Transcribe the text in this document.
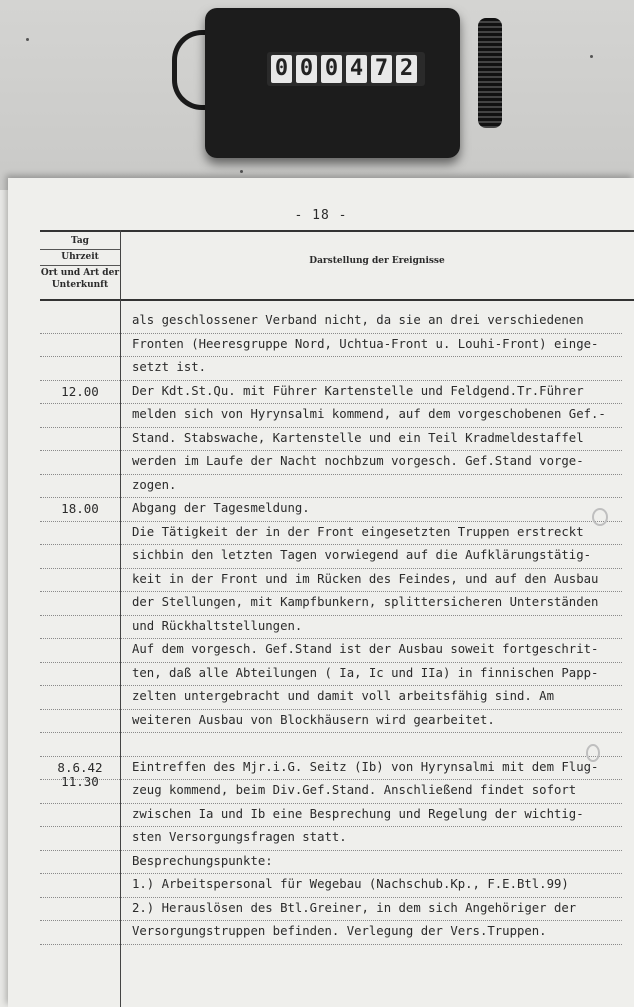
0 0 0 4 7 2
- 18 -
Tag
Uhrzeit
Ort und Art der Unterkunft
Darstellung der Ereignisse
als geschlossener Verband nicht, da sie an drei verschiedenen
Fronten (Heeresgruppe Nord, Uchtua-Front u. Louhi-Front) einge-
setzt ist.
Der Kdt.St.Qu. mit Führer Kartenstelle und Feldgend.Tr.Führer
melden sich von Hyrynsalmi kommend, auf dem vorgeschobenen Gef.-
Stand. Stabswache, Kartenstelle und ein Teil Kradmeldestaffel
werden im Laufe der Nacht nochbzum vorgesch. Gef.Stand vorge-
zogen.
12.00
Abgang der Tagesmeldung.
Die Tätigkeit der in der Front eingesetzten Truppen erstreckt
sichbin den letzten Tagen vorwiegend auf die Aufklärungstätig-
keit in der Front und im Rücken des Feindes, und auf den Ausbau
der Stellungen, mit Kampfbunkern, splittersicheren Unterständen
und Rückhaltstellungen.
Auf dem vorgesch. Gef.Stand ist der Ausbau soweit fortgeschrit-
ten, daß alle Abteilungen ( Ia, Ic und IIa) in finnischen Papp-
zelten untergebracht und damit voll arbeitsfähig sind. Am
weiteren Ausbau von Blockhäusern wird gearbeitet.
18.00
Eintreffen des Mjr.i.G. Seitz (Ib) von Hyrynsalmi mit dem Flug-
zeug kommend, beim Div.Gef.Stand. Anschließend findet sofort
zwischen Ia und Ib eine Besprechung und Regelung der wichtig-
sten Versorgungsfragen statt.
Besprechungspunkte:
1.) Arbeitspersonal für Wegebau (Nachschub.Kp., F.E.Btl.99)
2.) Herauslösen des Btl.Greiner, in dem sich Angehöriger der
Versorgungstruppen befinden. Verlegung der Vers.Truppen.
8.6.42
11.30
